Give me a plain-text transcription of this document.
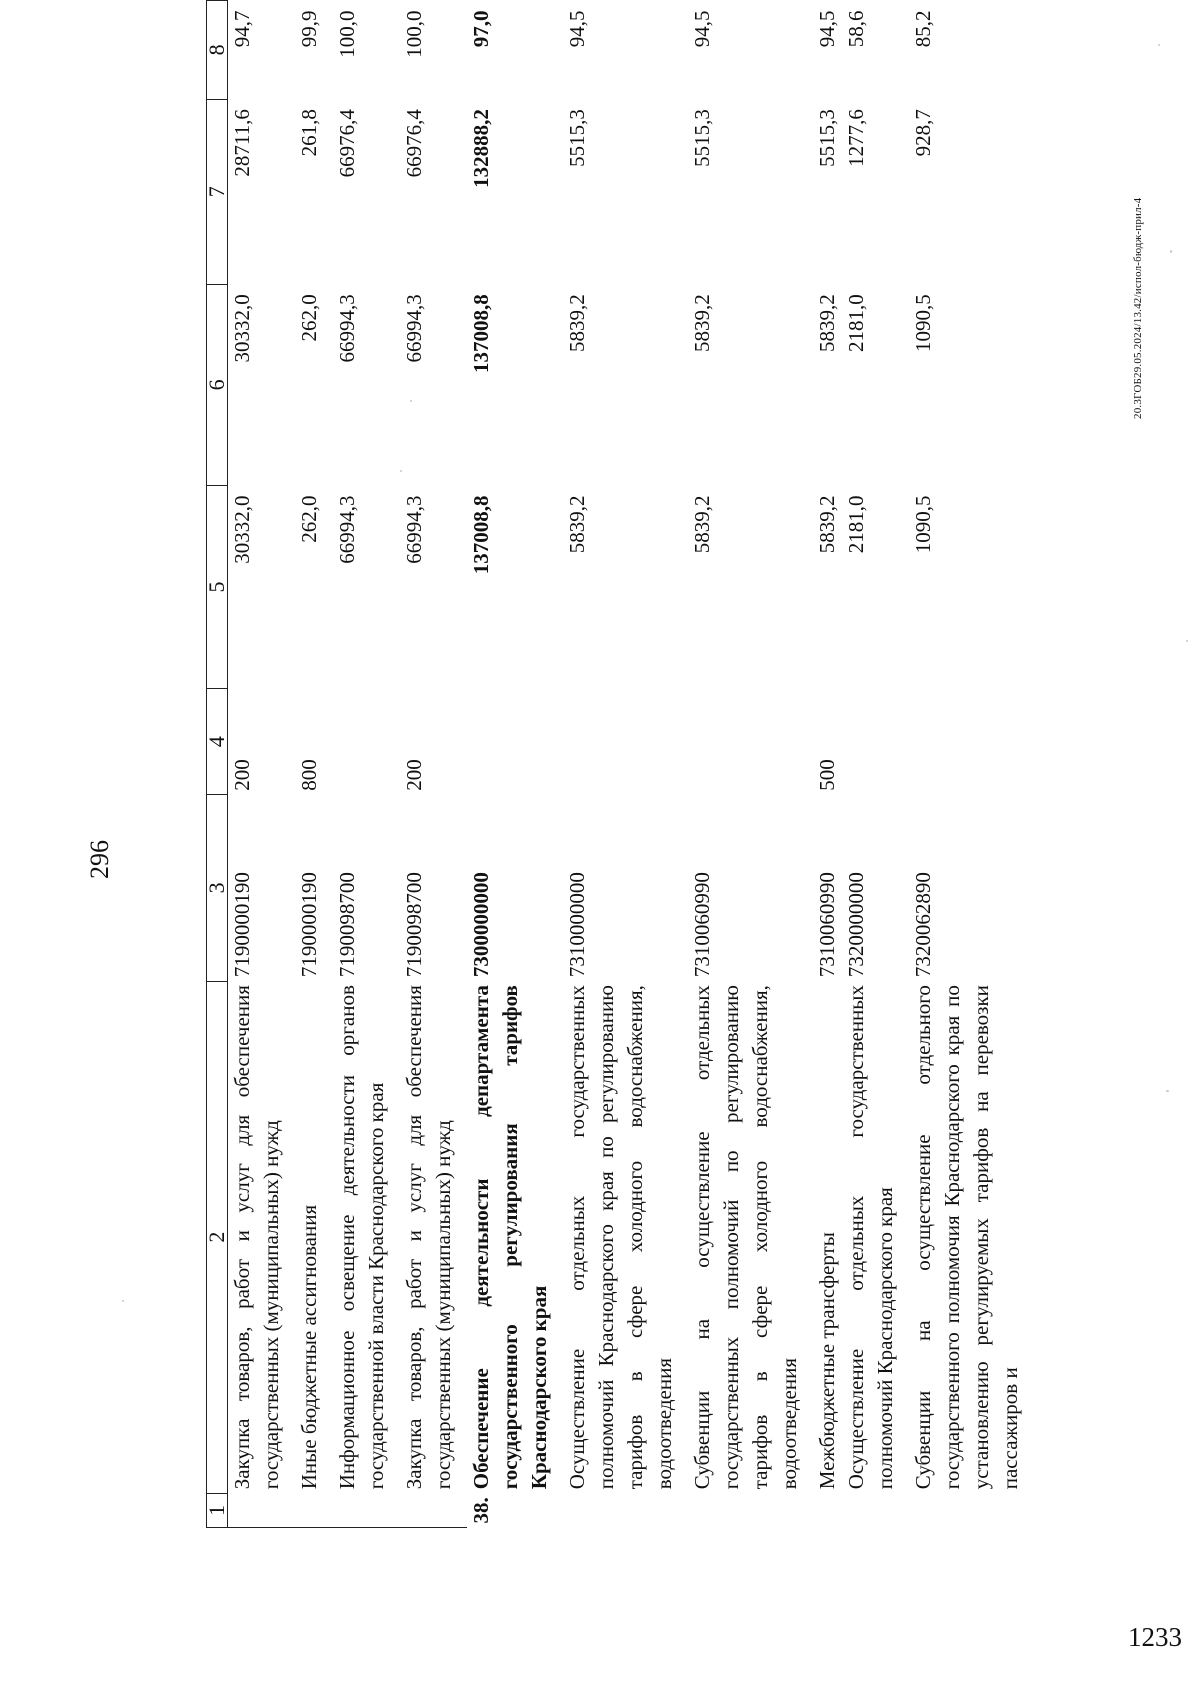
296
1	2	3	4	5	6	7	8
	Закупка товаров, работ и услуг для обеспечения государственных (муниципальных) нужд	7190000190	200	30332,0	30332,0	28711,6	94,7
	Иные бюджетные ассигнования	7190000190	800	262,0	262,0	261,8	99,9
	Информационное освещение деятельности органов государственной власти Краснодарского края	7190098700		66994,3	66994,3	66976,4	100,0
	Закупка товаров, работ и услуг для обеспечения государственных (муниципальных) нужд	7190098700	200	66994,3	66994,3	66976,4	100,0
38.	Обеспечение деятельности департамента государственного регулирования тарифов Краснодарского края	7300000000		137008,8	137008,8	132888,2	97,0
	Осуществление отдельных государственных полномочий Краснодарского края по регулированию тарифов в сфере холодного водоснабжения, водоотведения	7310000000		5839,2	5839,2	5515,3	94,5
	Субвенции на осуществление отдельных государственных полномочий по регулированию тарифов в сфере холодного водоснабжения, водоотведения	7310060990		5839,2	5839,2	5515,3	94,5
	Межбюджетные трансферты	7310060990	500	5839,2	5839,2	5515,3	94,5
	Осуществление отдельных государственных полномочий Краснодарского края	7320000000		2181,0	2181,0	1277,6	58,6
	Субвенции на осуществление отдельного государственного полномочия Краснодарского края по установлению регулируемых тарифов на перевозки пассажиров и	7320062890		1090,5	1090,5	928,7	85,2
20.3ГОБ29.05.2024/13.42/испол-бюдж-прил-4
1233
